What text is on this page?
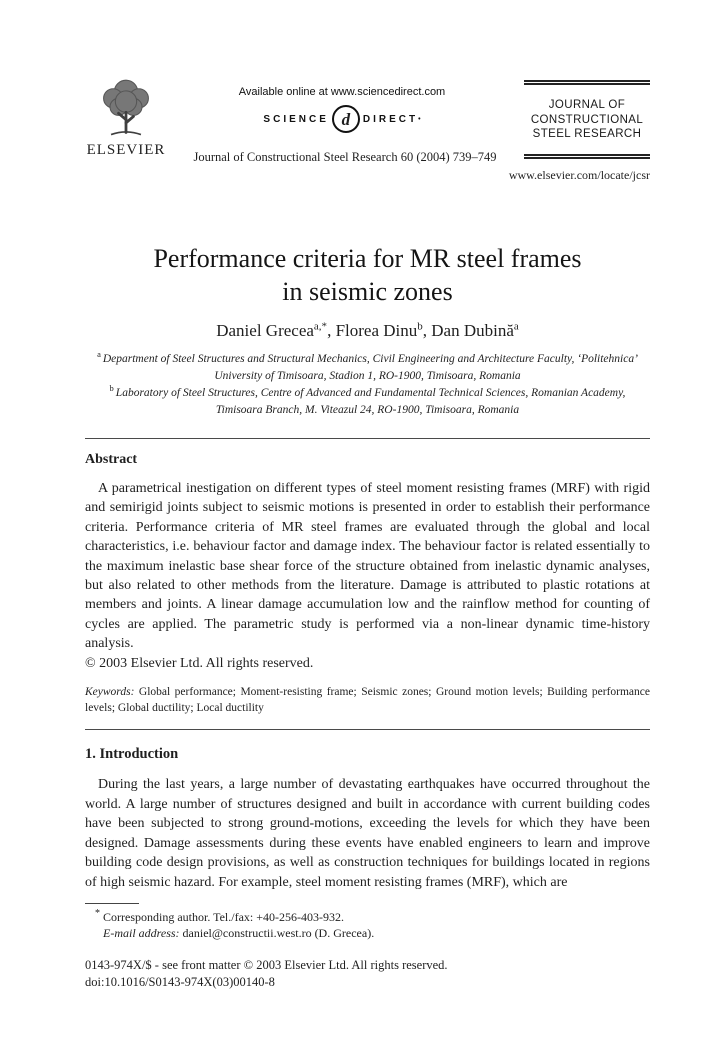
ELSEVIER
Available online at www.sciencedirect.com
SCIENCE d	DIRECT •
Journal of Constructional Steel Research 60 (2004) 739–749
JOURNAL OF
CONSTRUCTIONAL
STEEL RESEARCH
www.elsevier.com/locate/jcsr
Performance criteria for MR steel frames
in seismic zones
Daniel Grecea$^{a,*}$, Florea Dinu$^b$, Dan Dubină$^a$
$^a$ Department of Steel Structures and Structural Mechanics, Civil Engineering and Architecture Faculty, ‘Politehnica’ University of Timisoara, Stadion 1, RO-1900, Timisoara, Romania
$^b$ Laboratory of Steel Structures, Centre of Advanced and Fundamental Technical Sciences, Romanian Academy, Timisoara Branch, M. Viteazul 24, RO-1900, Timisoara, Romania
Abstract
A parametrical inestigation on different types of steel moment resisting frames (MRF) with rigid and semirigid joints subject to seismic motions is presented in order to establish their performance criteria. Performance criteria of MR steel frames are evaluated through the global and local characteristics, i.e. behaviour factor and damage index. The behaviour factor is related essentially to the maximum inelastic base shear force of the structure obtained from inelastic dynamic analyses, but also related to other methods from the literature. Damage is attributed to plastic rotations at members and joints. A linear damage accumulation low and the rainflow method for counting of cycles are applied. The parametric study is performed via a non-linear dynamic time-history analysis.
© 2003 Elsevier Ltd. All rights reserved.
Keywords: Global performance; Moment-resisting frame; Seismic zones; Ground motion levels; Building performance levels; Global ductility; Local ductility
1. Introduction
During the last years, a large number of devastating earthquakes have occurred throughout the world. A large number of structures designed and built in accordance with current building codes have been subjected to strong ground-motions, exceeding the levels for which they have been designed. Damage assessments during these events have enabled engineers to learn and improve building code design provisions, as well as construction techniques for buildings located in regions of high seismic hazard. For example, steel moment resisting frames (MRF), which are
* Corresponding author. Tel./fax: +40-256-403-932.
E-mail address: daniel@constructii.west.ro (D. Grecea).
0143-974X/$ - see front matter © 2003 Elsevier Ltd. All rights reserved.
doi:10.1016/S0143-974X(03)00140-8
